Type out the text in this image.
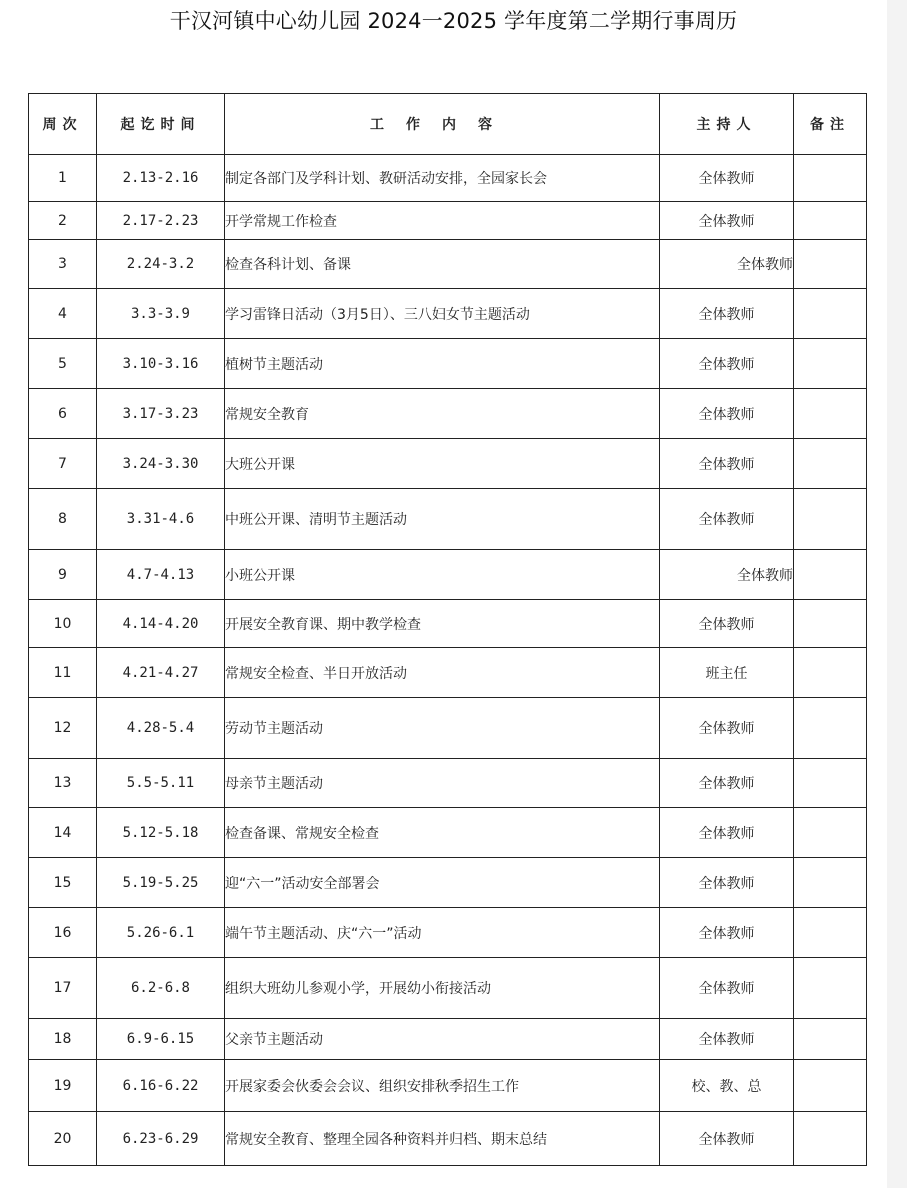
干汉河镇中心幼儿园 2024一2025 学年度第二学期行事周历
周次	起讫时间	工作内容	主持人	备注
1	2.13-2.16	制定各部门及学科计划、教研活动安排，全园家长会	全体教师	
2	2.17-2.23	开学常规工作检查	全体教师	
3	2.24-3.2	检查各科计划、备课	全体教师	
4	3.3-3.9	学习雷锋日活动（3月5日）、三八妇女节主题活动	全体教师	
5	3.10-3.16	植树节主题活动	全体教师	
6	3.17-3.23	常规安全教育	全体教师	
7	3.24-3.30	大班公开课	全体教师	
8	3.31-4.6	中班公开课、清明节主题活动	全体教师	
9	4.7-4.13	小班公开课	全体教师	
10	4.14-4.20	开展安全教育课、期中教学检查	全体教师	
11	4.21-4.27	常规安全检查、半日开放活动	班主任	
12	4.28-5.4	劳动节主题活动	全体教师	
13	5.5-5.11	母亲节主题活动	全体教师	
14	5.12-5.18	检查备课、常规安全检查	全体教师	
15	5.19-5.25	迎“六一”活动安全部署会	全体教师	
16	5.26-6.1	端午节主题活动、庆“六一”活动	全体教师	
17	6.2-6.8	组织大班幼儿参观小学，开展幼小衔接活动	全体教师	
18	6.9-6.15	父亲节主题活动	全体教师	
19	6.16-6.22	开展家委会伙委会会议、组织安排秋季招生工作	校、教、总	
20	6.23-6.29	常规安全教育、整理全园各种资料并归档、期末总结	全体教师	
